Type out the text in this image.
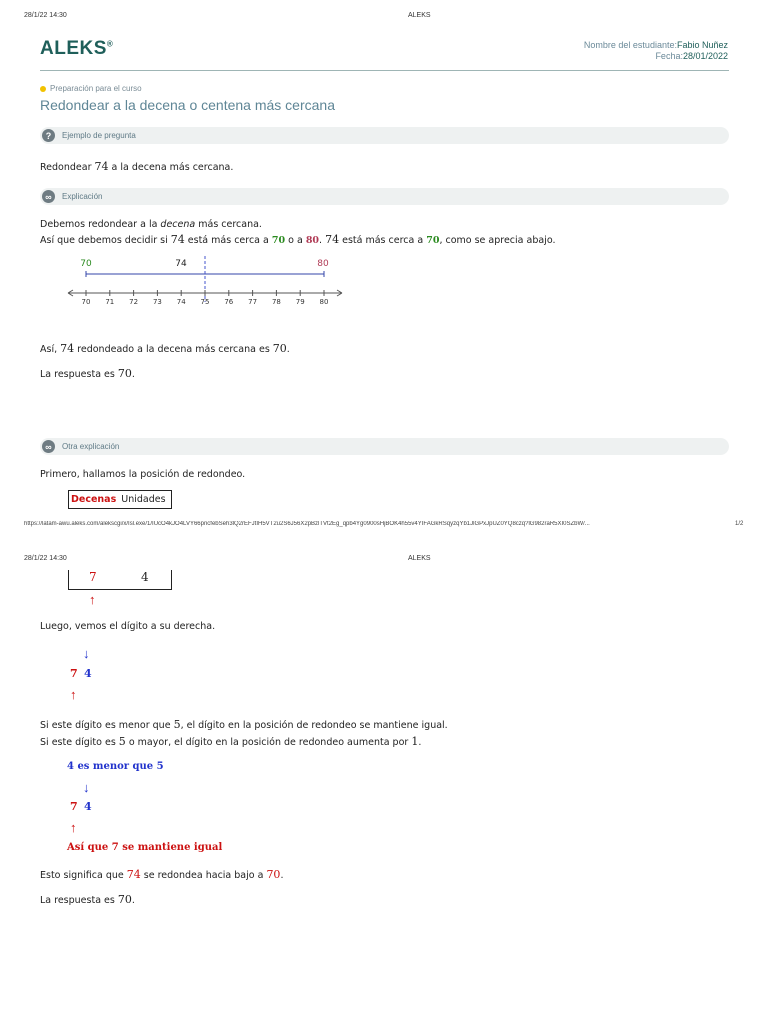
28/1/22 14:30	ALEKS
ALEKS®	Nombre del estudiante:Fabio Nuñez
Fecha:28/01/2022
Preparación para el curso
Redondear a la decena o centena más cercana
?	Ejemplo de pregunta
Redondear 74 a la decena más cercana.
∞	Explicación
Debemos redondear a la decena más cercana.
Así que debemos decidir si 74 está más cerca a 70 o a 80. 74 está más cerca a 70, como se aprecia abajo.
70	74	80
70 71 72 73 74 75 76 77 78 79 80
Así, 74 redondeado a la decena más cercana es 70.
La respuesta es 70.
∞	Otra explicación
Primero, hallamos la posición de redondeo.
Decenas Unidades
https://latam-awu.aleks.com/alekscgi/x/Isl.exe/1/IUcO4kJO4LVY66pncfebSeh3lQ2rEFJtIH5VT2u2S6J56X2pBzlTVt2Eg_qpb4Yg0900sHjBOK4h55v4YIFAGkRSqyzqYb1JlGPxJpUZ0YQ8czq?lG982raR5XI0SZbW/...	1/2
28/1/22 14:30	ALEKS
7	4
↑
Luego, vemos el dígito a su derecha.
↓
7 4
↑
Si este dígito es menor que 5, el dígito en la posición de redondeo se mantiene igual.
Si este dígito es 5 o mayor, el dígito en la posición de redondeo aumenta por 1.
4 es menor que 5
↓
7 4
↑
Así que 7 se mantiene igual
Esto significa que 74 se redondea hacia bajo a 70.
La respuesta es 70.
